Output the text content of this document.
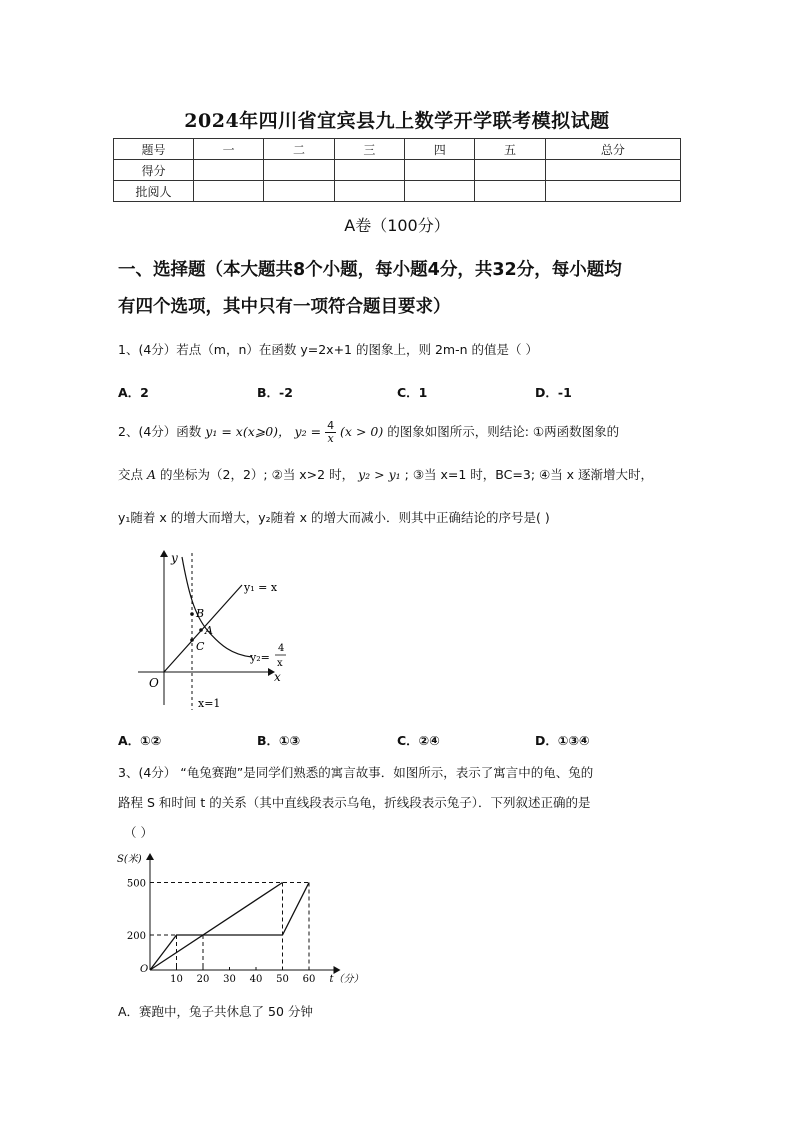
2024年四川省宜宾县九上数学开学联考模拟试题
题号	一	二	三	四	五	总分
得分						
批阅人						
A卷（100分）
一、选择题（本大题共8个小题，每小题4分，共32分，每小题均
有四个选项，其中只有一项符合题目要求）
1、(4分）若点（m，n）在函数 y=2x+1 的图象上，则 2m-n 的值是（ ）
A．2	B．-2	C．1	D．-1
2、(4分）函数 y₁ = x(x⩾0)， $y_2 = \frac{4}{x} (x > 0)$ 的图象如图所示，则结论: ①两函数图象的
交点 A 的坐标为（2，2）; ②当 x>2 时， y₂ > y₁ ; ③当 x=1 时，BC=3; ④当 x 逐渐增大时，
y₁随着 x 的增大而增大，y₂随着 x 的增大而减小．则其中正确结论的序号是( )
y
x
O
B
A
C
y₁ = x
y₂=
4
x
x=1
A．①②	B．①③	C．②④	D．①③④
3、(4分） “龟兔赛跑”是同学们熟悉的寓言故事．如图所示，表示了寓言中的龟、兔的
路程 S 和时间 t 的关系（其中直线段表示乌龟，折线段表示兔子）．下列叙述正确的是
（ ）
S(米)
t（分）
O
10 20 30 40 50 60
200
500
A．赛跑中，兔子共休息了 50 分钟
